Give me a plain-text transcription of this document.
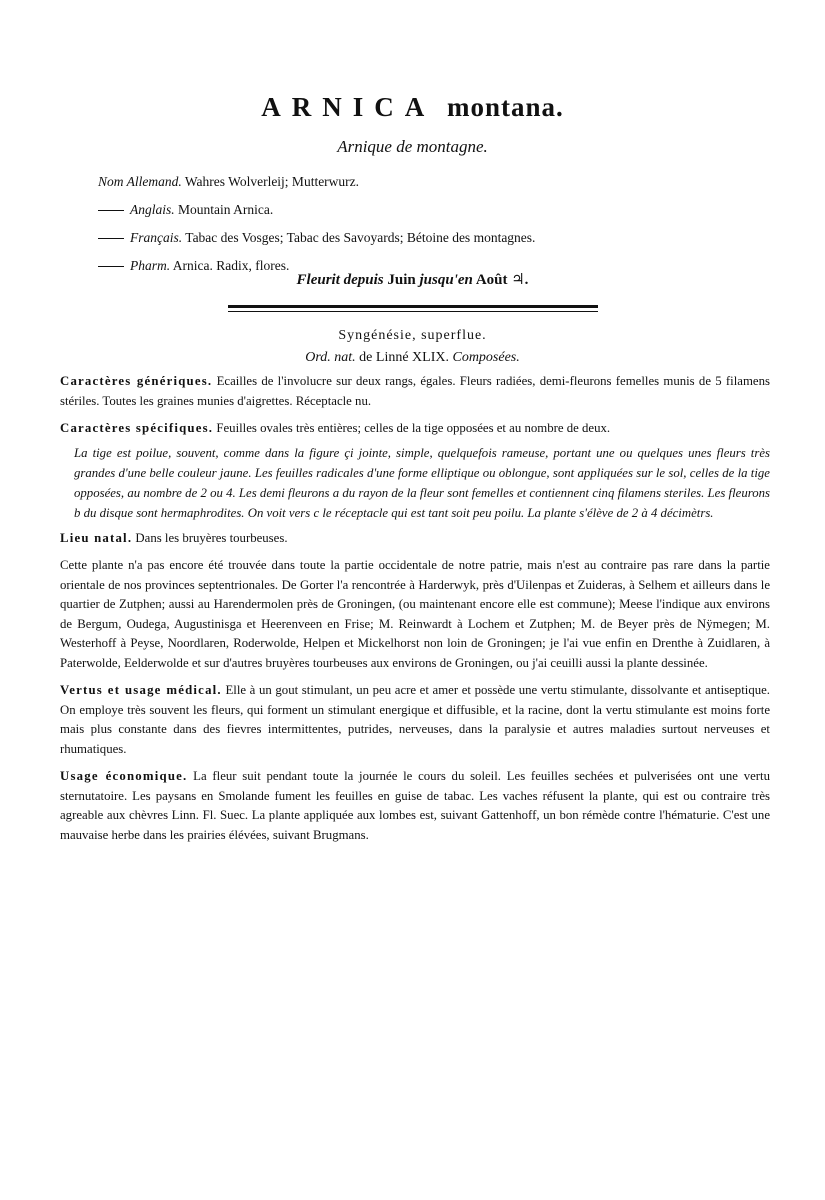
ARNICA montana.
Arnique de montagne.
Nom Allemand. Wahres Wolverleij; Mutterwurz.
Anglais. Mountain Arnica.
Français. Tabac des Vosges; Tabac des Savoyards; Bétoine des montagnes.
Pharm. Arnica. Radix, flores.
Fleurit depuis Juin jusqu'en Août ♃.
Syngénésie, superflue.
Ord. nat. de Linné XLIX. Composées.

Caractères génériques. Ecailles de l'involucre sur deux rangs, égales. Fleurs radiées, demi-fleurons femelles munis de 5 filamens stériles. Toutes les graines munies d'aigrettes. Réceptacle nu.

Caractères spécifiques. Feuilles ovales très entières; celles de la tige opposées et au nombre de deux.

La tige est poilue, souvent, comme dans la figure çi jointe, simple, quelquefois rameuse, portant une ou quelques unes fleurs très grandes d'une belle couleur jaune. Les feuilles radicales d'une forme elliptique ou oblongue, sont appliquées sur le sol, celles de la tige opposées, au nombre de 2 ou 4. Les demi fleurons a du rayon de la fleur sont femelles et contiennent cinq filamens steriles. Les fleurons b du disque sont hermaphrodites. On voit vers c le réceptacle qui est tant soit peu poilu. La plante s'élève de 2 à 4 décimètrs.

Lieu natal. Dans les bruyères tourbeuses.

Cette plante n'a pas encore été trouvée dans toute la partie occidentale de notre patrie, mais n'est au contraire pas rare dans la partie orientale de nos provinces septentrionales. De Gorter l'a rencontrée à Harderwyk, près d'Uilenpas et Zuideras, à Selhem et ailleurs dans le quartier de Zutphen; aussi au Harendermolen près de Groningen, (ou maintenant encore elle est commune); Meese l'indique aux environs de Bergum, Oudega, Augustinisga et Heerenveen en Frise; M. Reinwardt à Lochem et Zutphen; M. de Beyer près de Nÿmegen; M. Westerhoff à Peyse, Noordlaren, Roderwolde, Helpen et Mickelhorst non loin de Groningen; je l'ai vue enfin en Drenthe à Zuidlaren, à Paterwolde, Eelderwolde et sur d'autres bruyères tourbeuses aux environs de Groningen, ou j'ai ceuilli aussi la plante dessinée.

Vertus et usage médical. Elle à un gout stimulant, un peu acre et amer et possède une vertu stimulante, dissolvante et antiseptique. On employe très souvent les fleurs, qui forment un stimulant energique et diffusible, et la racine, dont la vertu stimulante est moins forte mais plus constante dans des fievres intermittentes, putrides, nerveuses, dans la paralysie et autres maladies surtout nerveuses et rhumatiques.

Usage économique. La fleur suit pendant toute la journée le cours du soleil. Les feuilles sechées et pulverisées ont une vertu sternutatoire. Les paysans en Smolande fument les feuilles en guise de tabac. Les vaches réfusent la plante, qui est ou contraire très agreable aux chèvres Linn. Fl. Suec. La plante appliquée aux lombes est, suivant Gattenhoff, un bon rémède contre l'hématurie. C'est une mauvaise herbe dans les prairies élévées, suivant Brugmans.
